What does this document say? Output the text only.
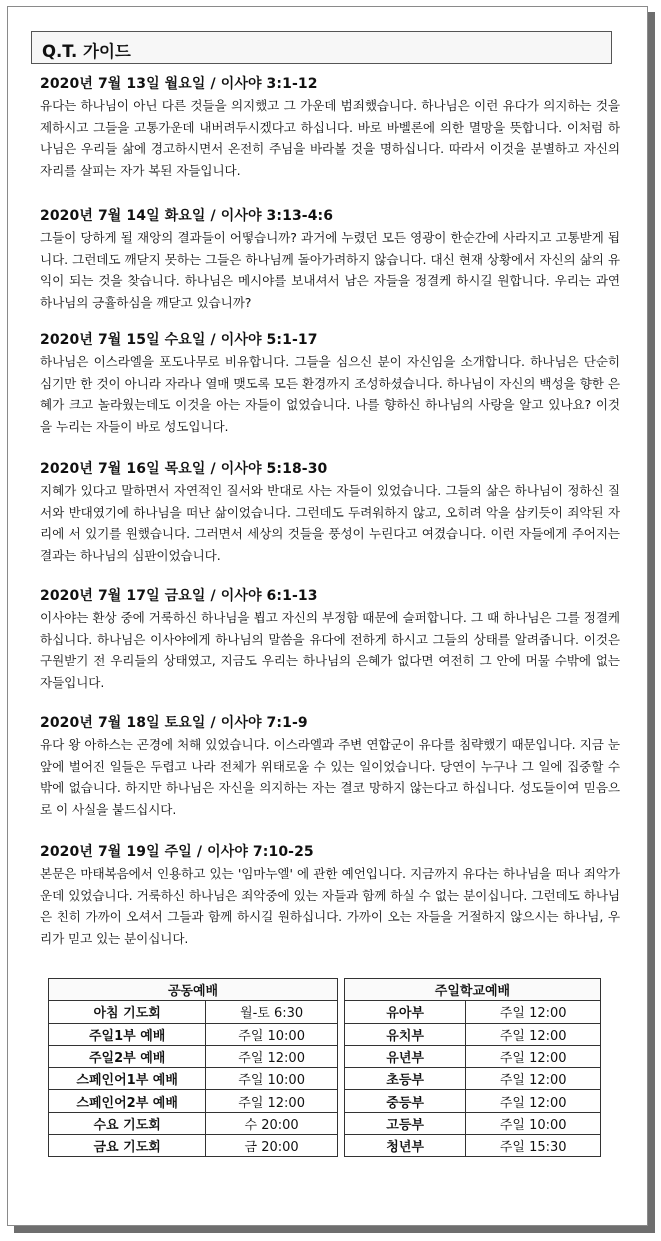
Q.T. 가이드
2020년 7월 13일 월요일 / 이사야 3:1-12

유다는 하나님이 아닌 다른 것들을 의지했고 그 가운데 범죄했습니다. 하나님은 이런 유다가 의지하는 것을 제하시고 그들을 고통가운데 내버려두시겠다고 하십니다. 바로 바벨론에 의한 멸망을 뜻합니다. 이처럼 하나님은 우리들 삶에 경고하시면서 온전히 주님을 바라볼 것을 명하십니다. 따라서 이것을 분별하고 자신의 자리를 살피는 자가 복된 자들입니다.

2020년 7월 14일 화요일 / 이사야 3:13-4:6

그들이 당하게 될 재앙의 결과들이 어떻습니까? 과거에 누렸던 모든 영광이 한순간에 사라지고 고통받게 됩니다. 그런데도 깨닫지 못하는 그들은 하나님께 돌아가려하지 않습니다. 대신 현재 상황에서 자신의 삶의 유익이 되는 것을 찾습니다. 하나님은 메시야를 보내셔서 남은 자들을 정결케 하시길 원합니다. 우리는 과연 하나님의 긍휼하심을 깨닫고 있습니까?

2020년 7월 15일 수요일 / 이사야 5:1-17

하나님은 이스라엘을 포도나무로 비유합니다. 그들을 심으신 분이 자신임을 소개합니다. 하나님은 단순히 심기만 한 것이 아니라 자라나 열매 맺도록 모든 환경까지 조성하셨습니다. 하나님이 자신의 백성을 향한 은혜가 크고 놀라웠는데도 이것을 아는 자들이 없었습니다. 나를 향하신 하나님의 사랑을 알고 있나요? 이것을 누리는 자들이 바로 성도입니다.

2020년 7월 16일 목요일 / 이사야 5:18-30

지혜가 있다고 말하면서 자연적인 질서와 반대로 사는 자들이 있었습니다. 그들의 삶은 하나님이 정하신 질서와 반대였기에 하나님을 떠난 삶이었습니다. 그런데도 두려워하지 않고, 오히려 악을 삼키듯이 죄악된 자리에 서 있기를 원했습니다. 그러면서 세상의 것들을 풍성이 누린다고 여겼습니다. 이런 자들에게 주어지는 결과는 하나님의 심판이었습니다.

2020년 7월 17일 금요일 / 이사야 6:1-13

이사야는 환상 중에 거룩하신 하나님을 뵙고 자신의 부정함 때문에 슬퍼합니다. 그 때 하나님은 그를 정결케 하십니다. 하나님은 이사야에게 하나님의 말씀을 유다에 전하게 하시고 그들의 상태를 알려줍니다. 이것은 구원받기 전 우리들의 상태였고, 지금도 우리는 하나님의 은혜가 없다면 여전히 그 안에 머물 수밖에 없는 자들입니다.

2020년 7월 18일 토요일 / 이사야 7:1-9

유다 왕 아하스는 곤경에 처해 있었습니다. 이스라엘과 주변 연합군이 유다를 침략했기 때문입니다. 지금 눈 앞에 벌어진 일들은 두렵고 나라 전체가 위태로울 수 있는 일이었습니다. 당연이 누구나 그 일에 집중할 수 밖에 없습니다. 하지만 하나님은 자신을 의지하는 자는 결코 망하지 않는다고 하십니다. 성도들이여 믿음으로 이 사실을 붙드십시다.

2020년 7월 19일 주일 / 이사야 7:10-25

본문은 마태복음에서 인용하고 있는 '임마누엘' 에 관한 예언입니다. 지금까지 유다는 하나님을 떠나 죄악가운데 있었습니다. 거룩하신 하나님은 죄악중에 있는 자들과 함께 하실 수 없는 분이십니다. 그런데도 하나님은 친히 가까이 오셔서 그들과 함께 하시길 원하십니다. 가까이 오는 자들을 거절하지 않으시는 하나님, 우리가 믿고 있는 분이십니다.

공동예배			주일학교예배	
아침 기도회	월-토 6:30		유아부	주일 12:00
주일1부 예배	주일 10:00		유치부	주일 12:00
주일2부 예배	주일 12:00		유년부	주일 12:00
스페인어1부 예배	주일 10:00		초등부	주일 12:00
스페인어2부 예배	주일 12:00		중등부	주일 12:00
수요 기도회	수 20:00		고등부	주일 10:00
금요 기도회	금 20:00		청년부	주일 15:30
